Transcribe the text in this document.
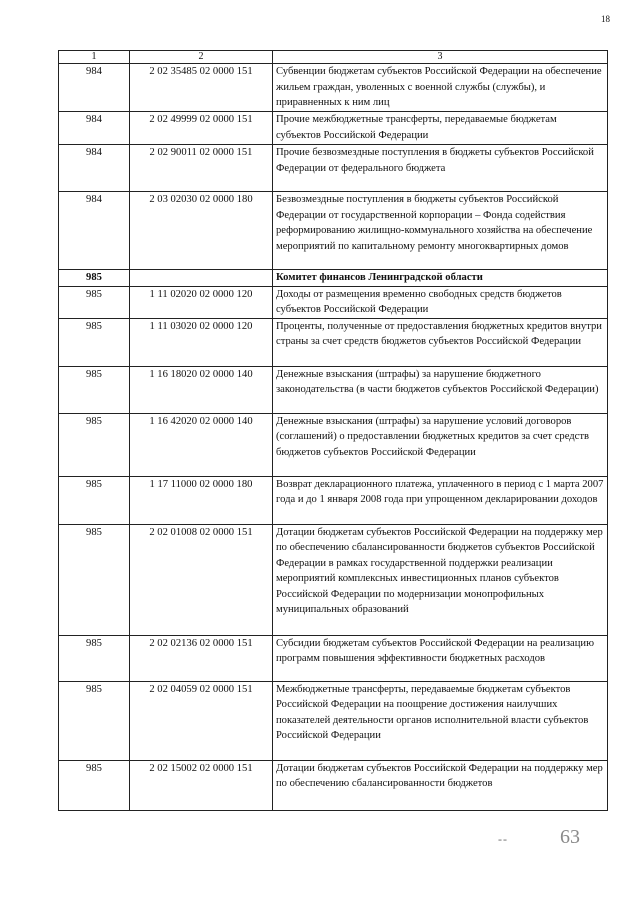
18
1	2	3
984	2 02 35485 02 0000 151	Субвенции бюджетам субъектов Российской Федерации на обеспечение жильем граждан, уволенных с военной службы (службы), и приравненных к ним лиц
984	2 02 49999 02 0000 151	Прочие межбюджетные трансферты, передаваемые бюджетам субъектов Российской Федерации
984	2 02 90011 02 0000 151	Прочие безвозмездные поступления в бюджеты субъектов Российской Федерации от федерального бюджета
984	2 03 02030 02 0000 180	Безвозмездные поступления в бюджеты субъектов Российской Федерации от государственной корпорации – Фонда содействия реформированию жилищно-коммунального хозяйства на обеспечение мероприятий по капитальному ремонту многоквартирных домов
985		Комитет финансов Ленинградской области
985	1 11 02020 02 0000 120	Доходы от размещения временно свободных средств бюджетов субъектов Российской Федерации
985	1 11 03020 02 0000 120	Проценты, полученные от предоставления бюджетных кредитов внутри страны за счет средств бюджетов субъектов Российской Федерации
985	1 16 18020 02 0000 140	Денежные взыскания (штрафы) за нарушение бюджетного законодательства (в части бюджетов субъектов Российской Федерации)
985	1 16 42020 02 0000 140	Денежные взыскания (штрафы) за нарушение условий договоров (соглашений) о предоставлении бюджетных кредитов за счет средств бюджетов субъектов Российской Федерации
985	1 17 11000 02 0000 180	Возврат декларационного платежа, уплаченного в период с 1 марта 2007 года и до 1 января 2008 года при упрощенном декларировании доходов
985	2 02 01008 02 0000 151	Дотации бюджетам субъектов Российской Федерации на поддержку мер по обеспечению сбалансированности бюджетов субъектов Российской Федерации в рамках государственной поддержки реализации мероприятий комплексных инвестиционных планов субъектов Российской Федерации по модернизации монопрофильных муниципальных образований
985	2 02 02136 02 0000 151	Субсидии бюджетам субъектов Российской Федерации на реализацию программ повышения эффективности бюджетных расходов
985	2 02 04059 02 0000 151	Межбюджетные трансферты, передаваемые бюджетам субъектов Российской Федерации на поощрение достижения наилучших показателей деятельности органов исполнительной власти субъектов Российской Федерации
985	2 02 15002 02 0000 151	Дотации бюджетам субъектов Российской Федерации на поддержку мер по обеспечению сбалансированности бюджетов
--	63
